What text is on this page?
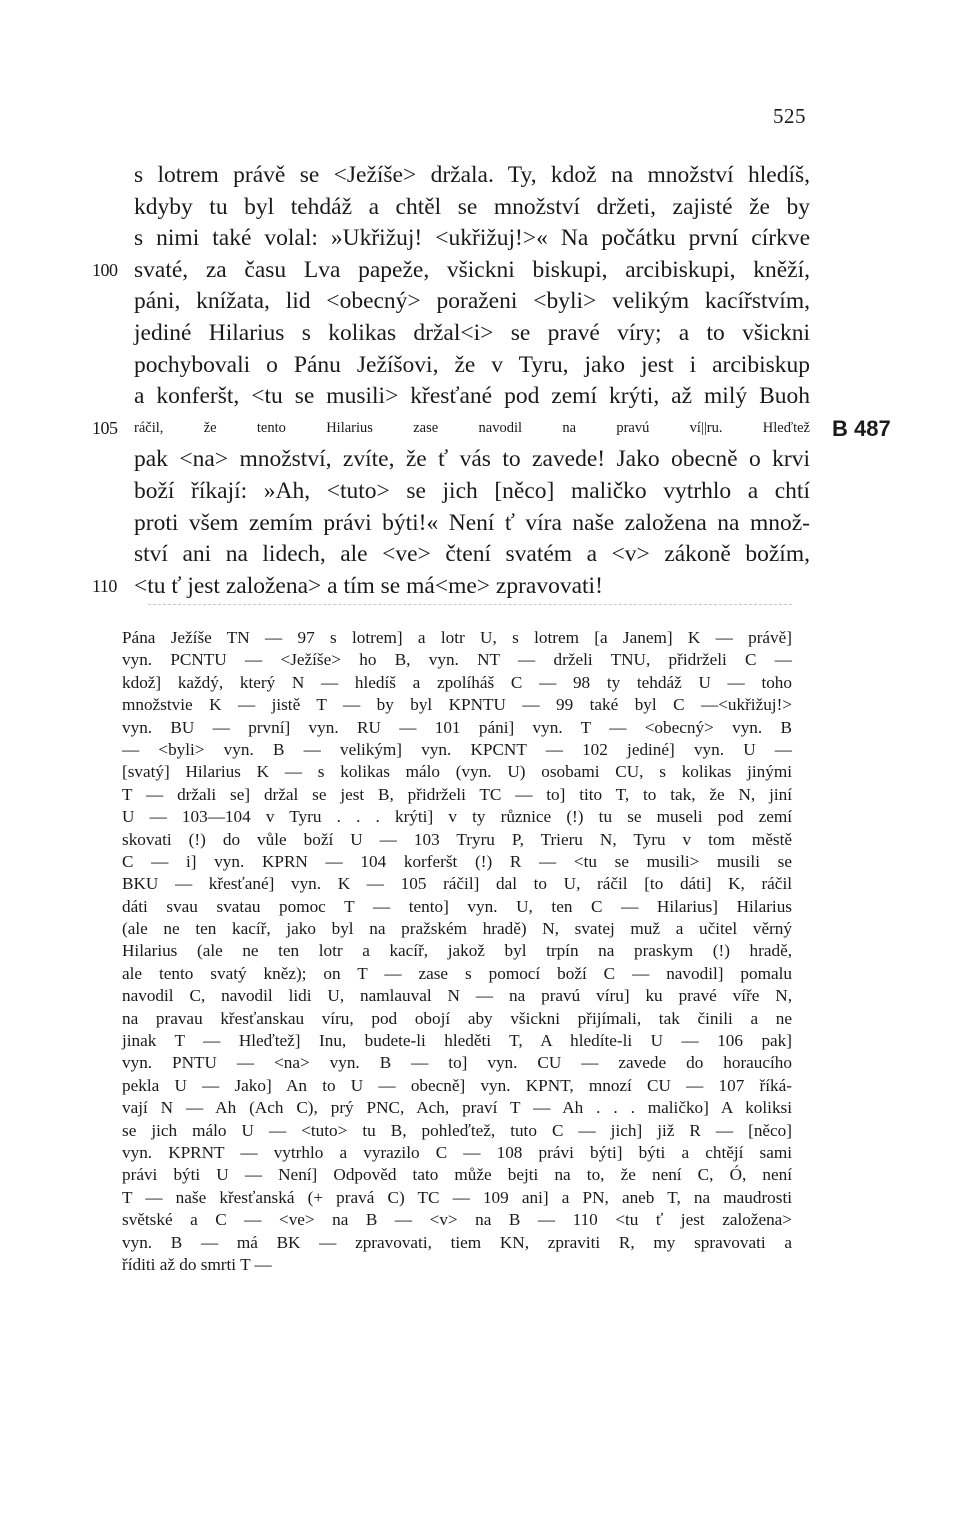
525
s lotrem právě se <Ježíše> držala. Ty, kdož na množství hledíš,
kdyby tu byl tehdáž a chtěl se množství držeti, zajisté že by
s nimi také volal: »Ukřižuj! <ukřižuj!>« Na počátku první církve
100 svaté, za času Lva papeže, všickni biskupi, arcibiskupi, kněží,
páni, knížata, lid <obecný> poraženi <byli> velikým kacířstvím,
jediné Hilarius s kolikas držal<i> se pravé víry; a to všickni
pochybovali o Pánu Ježíšovi, že v Tyru, jako jest i arcibiskup
a konferšt, <tu se musili> křesťané pod zemí krýti, až milý Buoh
105	ráčil, že tento Hilarius zase navodil na pravú ví||ru. Hleďtež B 487
pak <na> množství, zvíte, že ť vás to zavede! Jako obecně o krvi
boží říkají: »Ah, <tuto> se jich [něco] maličko vytrhlo a chtí
proti všem zemím právi býti!« Není ť víra naše založena na množ-
ství ani na lidech, ale <ve> čtení svatém a <v> zákoně božím,
110 <tu ť jest založena> a tím se má<me> zpravovati!
Pána Ježíše TN — 97 s lotrem] a lotr U, s lotrem [a Janem] K — právě]
vyn. PCNTU — <Ježíše> ho B, vyn. NT — drželi TNU, přidrželi C —
kdož] každý, který N — hledíš a zpolíháš C — 98 ty tehdáž U — toho
množstvie K — jistě T — by byl KPNTU — 99 také byl C —<ukřižuj!>
vyn. BU — první] vyn. RU — 101 páni] vyn. T — <obecný> vyn. B
— <byli> vyn. B — velikým] vyn. KPCNT — 102 jediné] vyn. U —
[svatý] Hilarius K — s kolikas málo (vyn. U) osobami CU, s kolikas jinými
T — držali se] držal se jest B, přidrželi TC — to] tito T, to tak, že N, jiní
U — 103—104 v Tyru . . . krýti] v ty různice (!) tu se museli pod zemí
skovati (!) do vůle boží U — 103 Tryru P, Trieru N, Tyru v tom městě
C — i] vyn. KPRN — 104 korferšt (!) R — <tu se musili> musili se
BKU — křesťané] vyn. K — 105 ráčil] dal to U, ráčil [to dáti] K, ráčil
dáti svau svatau pomoc T — tento] vyn. U, ten C — Hilarius] Hilarius
(ale ne ten kacíř, jako byl na pražském hradě) N, svatej muž a učitel věrný
Hilarius (ale ne ten lotr a kacíř, jakož byl trpín na praskym (!) hradě,
ale tento svatý kněz); on T — zase s pomocí boží C — navodil] pomalu
navodil C, navodil lidi U, namlauval N — na pravú víru] ku pravé víře N,
na pravau křesťanskau víru, pod obojí aby všickni přijímali, tak činili a ne
jinak T — Hleďtež] Inu, budete-li hleděti T, A hledíte-li U — 106 pak]
vyn. PNTU — <na> vyn. B — to] vyn. CU — zavede do horaucího
pekla U — Jako] An to U — obecně] vyn. KPNT, mnozí CU — 107 říká-
vají N — Ah (Ach C), prý PNC, Ach, praví T — Ah . . . maličko] A koliksi
se jich málo U — <tuto> tu B, pohleďtež, tuto C — jich] již R — [něco]
vyn. KPRNT — vytrhlo a vyrazilo C — 108 právi býti] býti a chtějí sami
právi býti U — Není] Odpověd tato může bejti na to, že není C, Ó, není
T — naše křesťanská (+ pravá C) TC — 109 ani] a PN, aneb T, na maudrosti
světské a C — <ve> na B — <v> na B — 110 <tu ť jest založena>
vyn. B — má BK — zpravovati, tiem KN, zpraviti R, my spravovati a
říditi až do smrti T —
